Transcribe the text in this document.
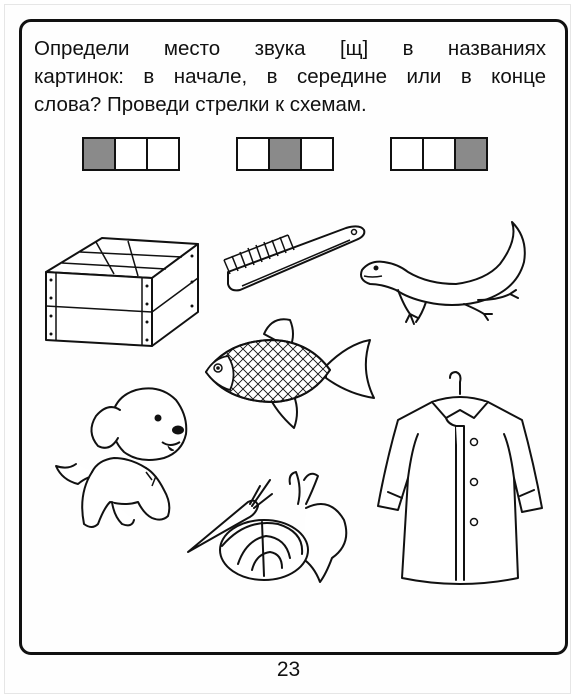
Определи место звука [щ] в названиях
картинок: в начале, в середине или в конце
слова? Проведи стрелки к схемам.
23
